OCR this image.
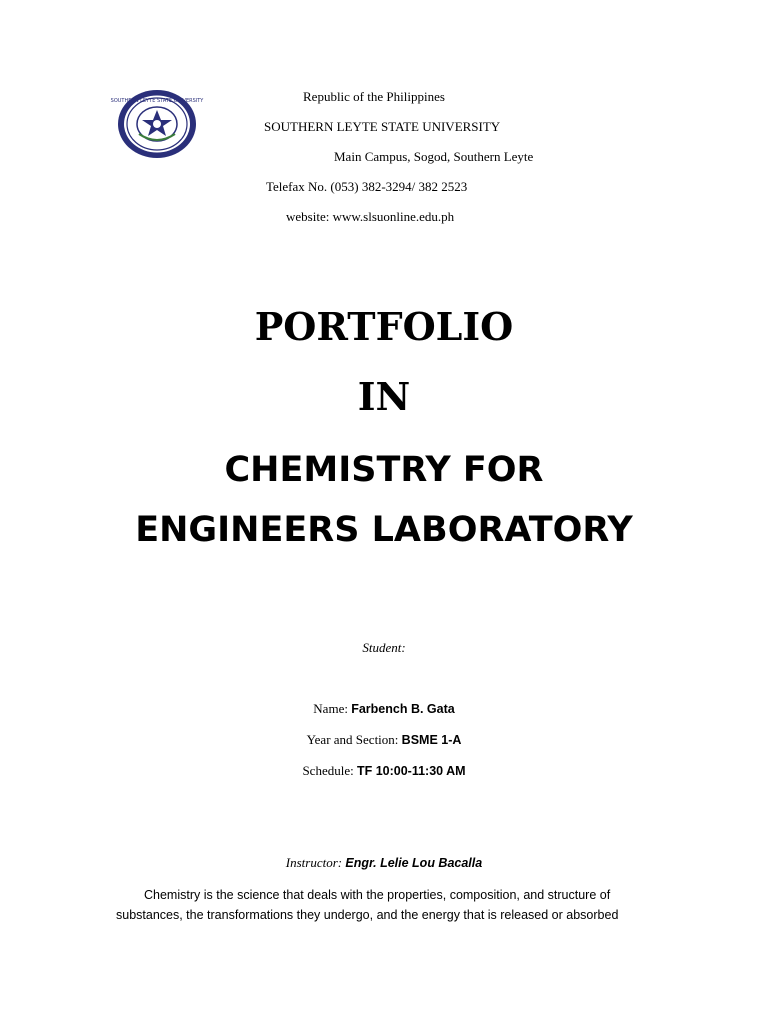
SOUTHERN LEYTE STATE UNIVERSITY	Republic of the Philippines
SOUTHERN LEYTE STATE UNIVERSITY
Main Campus, Sogod, Southern Leyte
Telefax No. (053) 382-3294/ 382 2523
website: www.slsuonline.edu.ph
PORTFOLIO
IN
CHEMISTRY FOR
ENGINEERS LABORATORY
Student:
Name: Farbench B. Gata
Year and Section: BSME 1-A
Schedule: TF 10:00-11:30 AM
Instructor: Engr. Lelie Lou Bacalla
Chemistry is the science that deals with the properties, composition, and structure of substances, the transformations they undergo, and the energy that is released or absorbed
